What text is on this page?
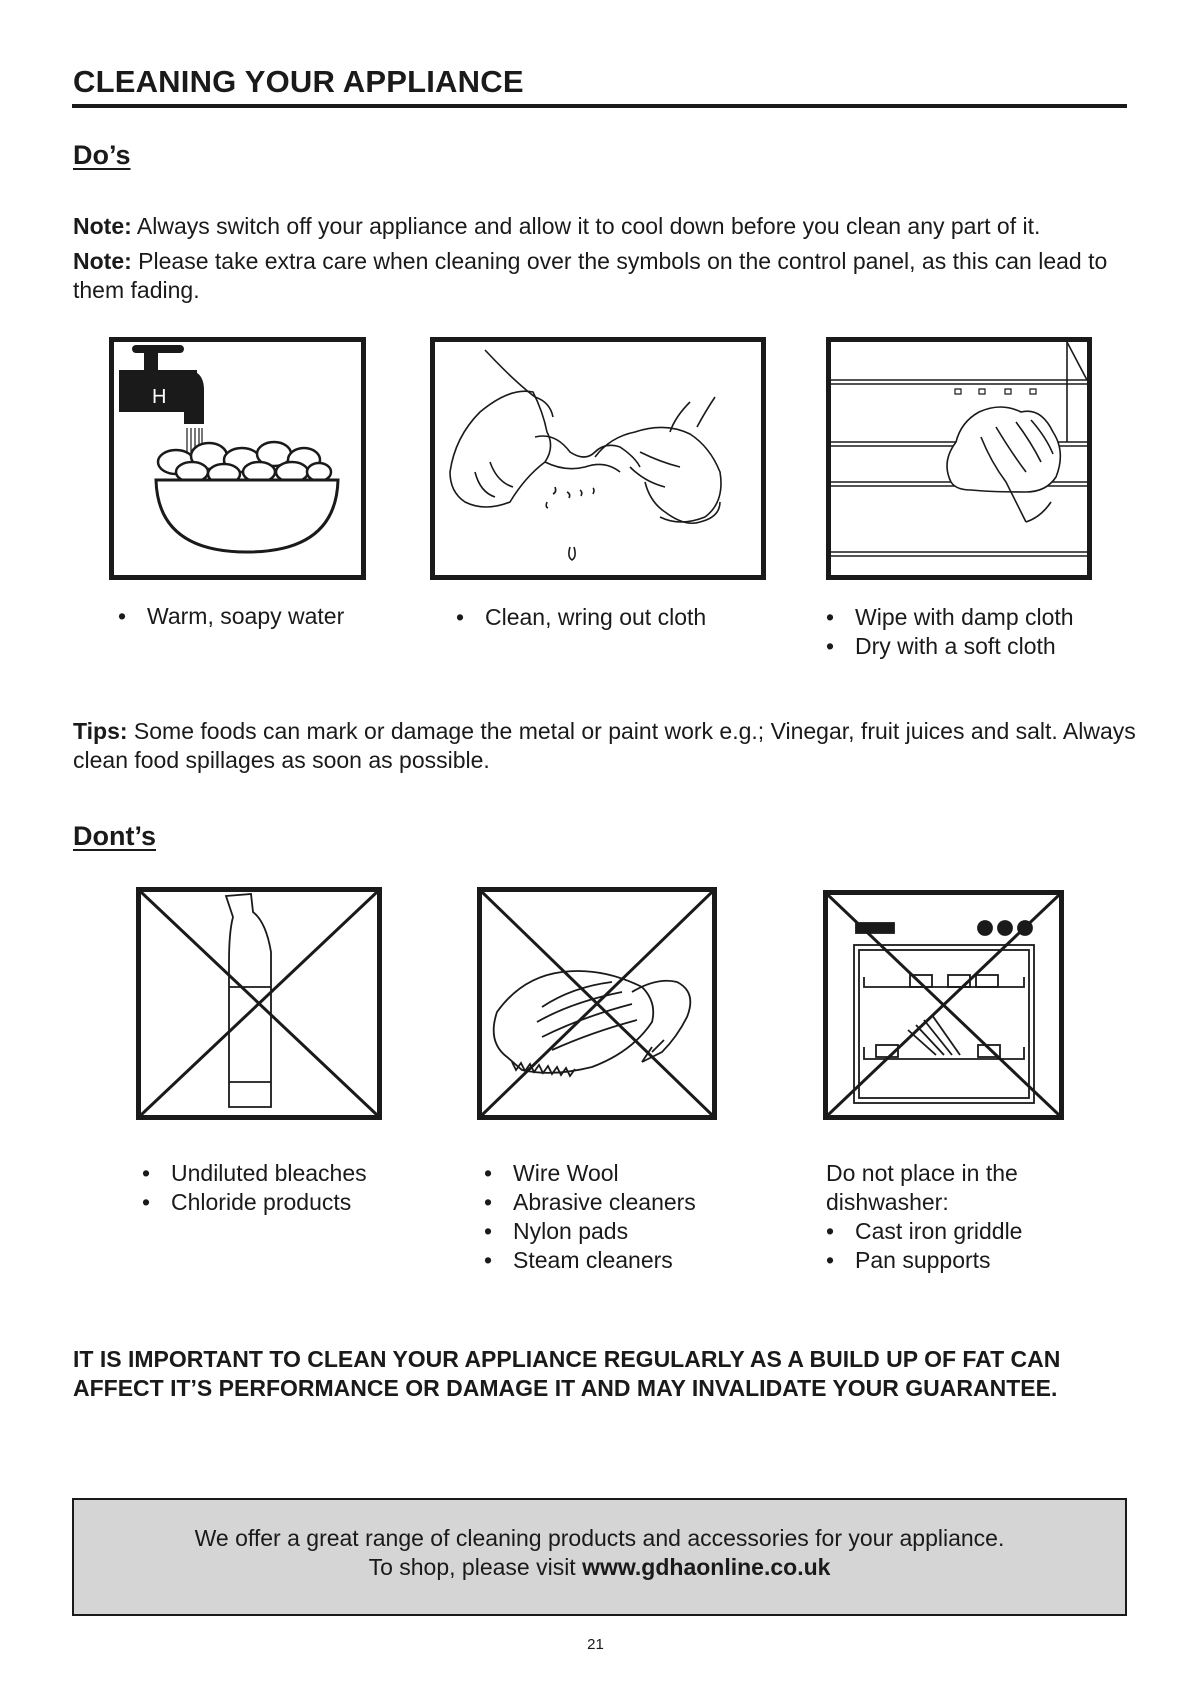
CLEANING YOUR APPLIANCE
Do’s
Note: Always switch off your appliance and allow it to cool down before you clean any part of it.
Note: Please take extra care when cleaning over the symbols on the control panel, as this can lead to them fading.
H
• Warm, soapy water	• Clean, wring out cloth	• Wipe with damp cloth
• Dry with a soft cloth
Tips: Some foods can mark or damage the metal or paint work e.g.; Vinegar, fruit juices and salt. Always clean food spillages as soon as possible.
Dont’s
• Undiluted bleaches
• Chloride products
• Wire Wool
• Abrasive cleaners
• Nylon pads
• Steam cleaners
Do not place in the dishwasher:
• Cast iron griddle
• Pan supports
IT IS IMPORTANT TO CLEAN YOUR APPLIANCE REGULARLY AS A BUILD UP OF FAT CAN AFFECT IT’S PERFORMANCE OR DAMAGE IT AND MAY INVALIDATE YOUR GUARANTEE.
We offer a great range of cleaning products and accessories for your appliance.
To shop, please visit www.gdhaonline.co.uk
21
